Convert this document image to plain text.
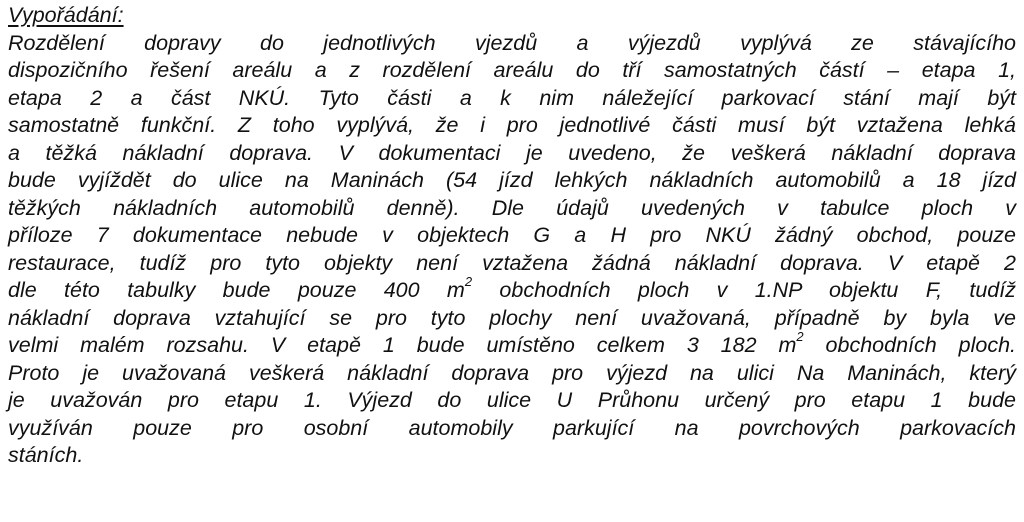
Vypořádání:
Rozdělení dopravy do jednotlivých vjezdů a výjezdů vyplývá ze stávajícího
dispozičního řešení areálu a z rozdělení areálu do tří samostatných částí – etapa 1,
etapa 2 a část NKÚ. Tyto části a k nim náležející parkovací stání mají být
samostatně funkční. Z toho vyplývá, že i pro jednotlivé části musí být vztažena lehká
a těžká nákladní doprava. V dokumentaci je uvedeno, že veškerá nákladní doprava
bude vyjíždět do ulice na Maninách (54 jízd lehkých nákladních automobilů a 18 jízd
těžkých nákladních automobilů denně). Dle údajů uvedených v tabulce ploch v
příloze 7 dokumentace nebude v objektech G a H pro NKÚ žádný obchod, pouze
restaurace, tudíž pro tyto objekty není vztažena žádná nákladní doprava. V etapě 2
dle této tabulky bude pouze 400 $m^2$ obchodních ploch v 1.NP objektu F, tudíž
nákladní doprava vztahující se pro tyto plochy není uvažovaná, případně by byla ve
velmi malém rozsahu. V etapě 1 bude umístěno celkem 3 182 $m^2$ obchodních ploch.
Proto je uvažovaná veškerá nákladní doprava pro výjezd na ulici Na Maninách, který
je uvažován pro etapu 1. Výjezd do ulice U Průhonu určený pro etapu 1 bude
využíván pouze pro osobní automobily parkující na povrchových parkovacích
stáních.
